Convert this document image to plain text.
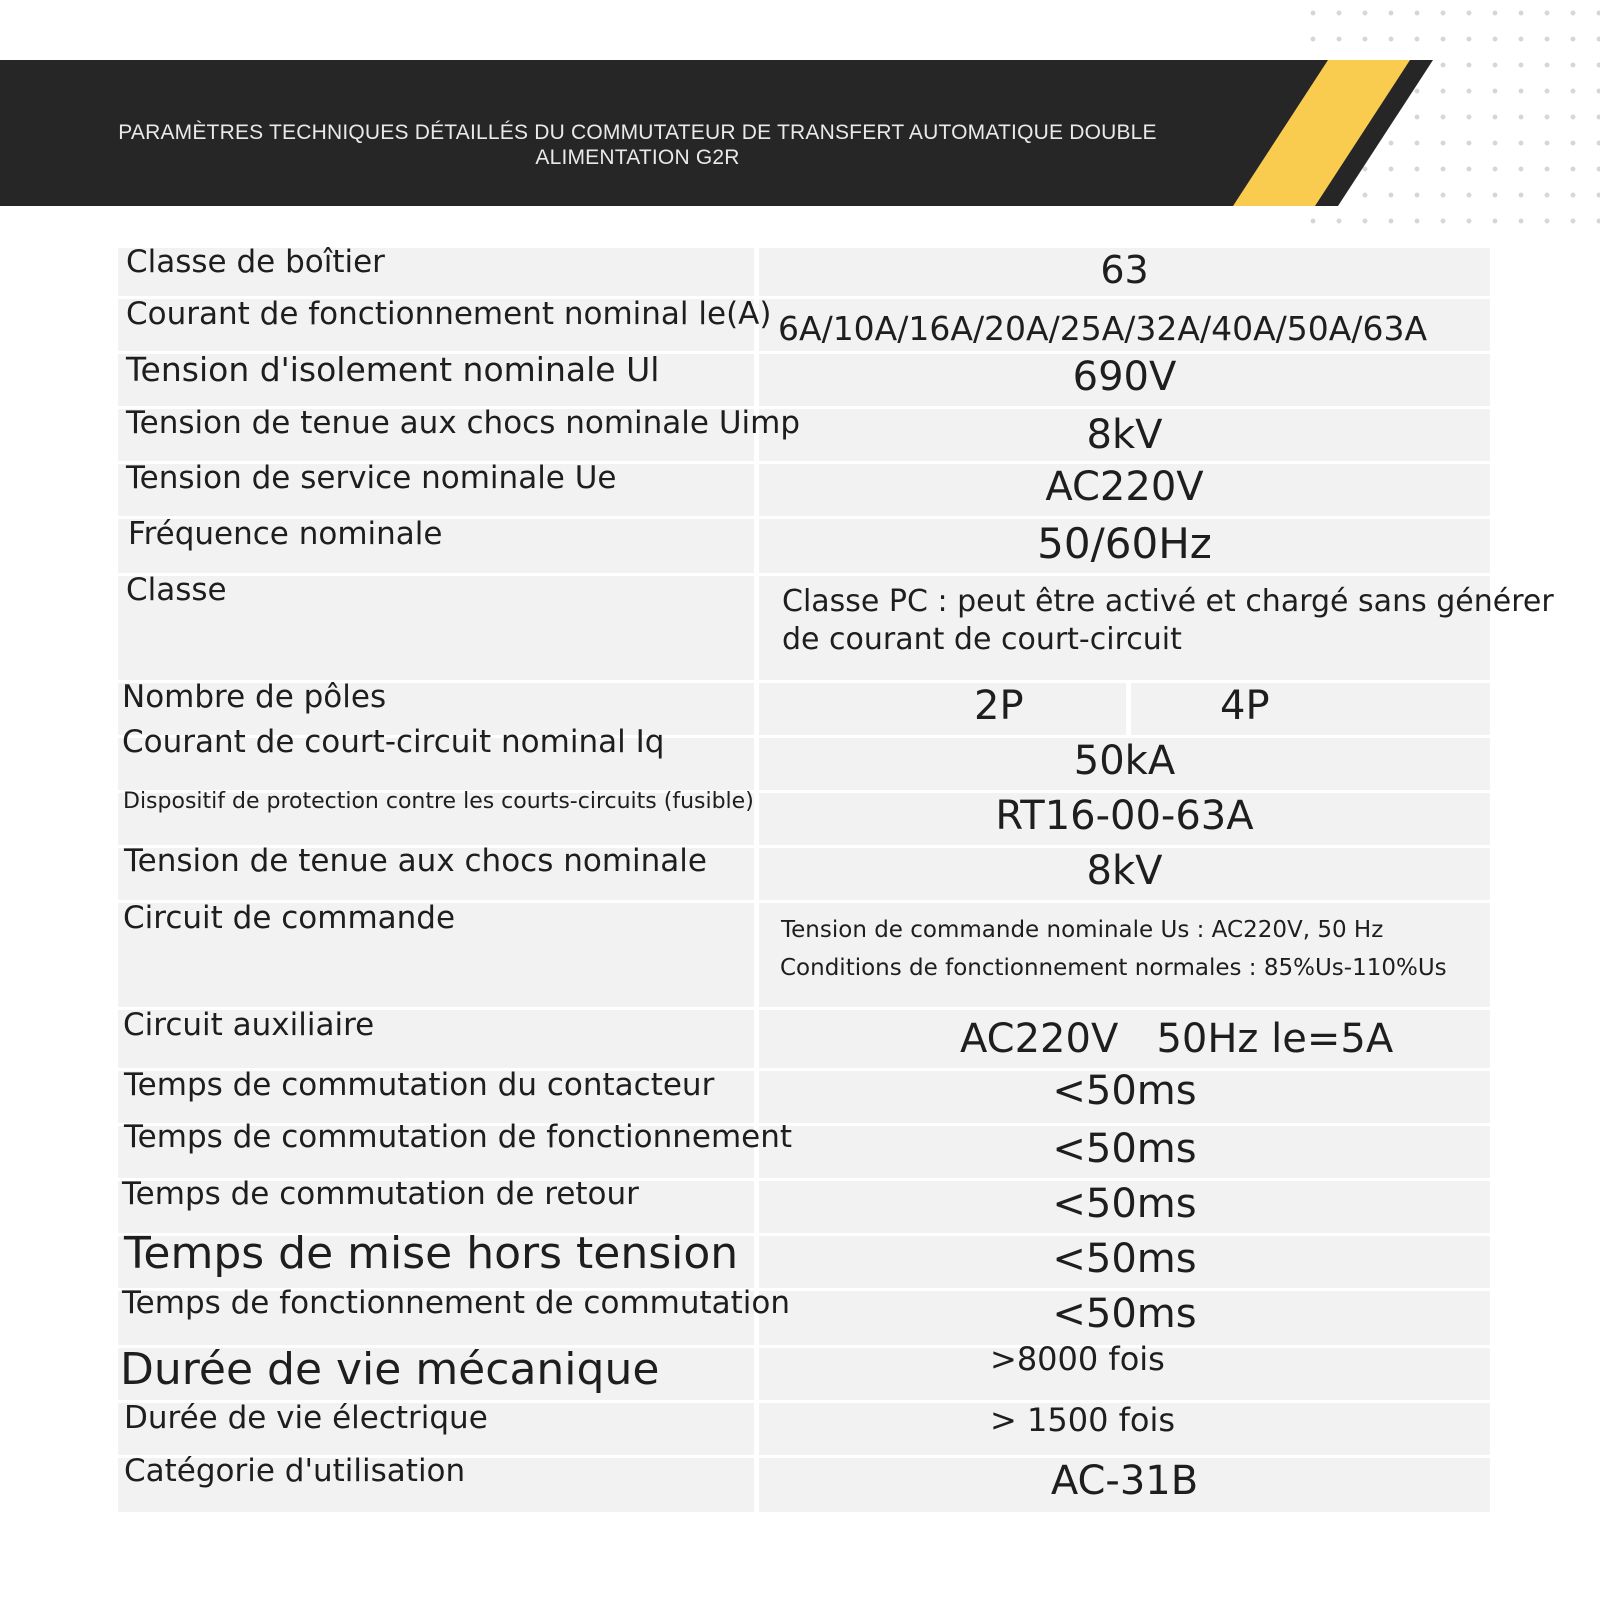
PARAMÈTRES TECHNIQUES DÉTAILLÉS DU COMMUTATEUR DE TRANSFERT AUTOMATIQUE DOUBLE ALIMENTATION G2R
Classe de boîtier	63
Courant de fonctionnement nominal le(A) 6A/10A/16A/20A/25A/32A/40A/50A/63A
Tension d'isolement nominale Ul	690V
Tension de tenue aux chocs nominale Uimp	8kV
Tension de service nominale Ue	AC220V
Fréquence nominale	50/60Hz
Classe	Classe PC : peut être activé et chargé sans générer
de courant de court-circuit
Nombre de pôles	2P	4P
Courant de court-circuit nominal Iq	50kA
Dispositif de protection contre les courts-circuits (fusible)	RT16-00-63A
Tension de tenue aux chocs nominale	8kV
Circuit de commande	Tension de commande nominale Us : AC220V, 50 Hz
Conditions de fonctionnement normales : 85%Us-110%Us
Circuit auxiliaire	AC220V   50Hz le=5A
Temps de commutation du contacteur	<50ms
Temps de commutation de fonctionnement	<50ms
Temps de commutation de retour	<50ms
Temps de mise hors tension	<50ms
Temps de fonctionnement de commutation	<50ms
Durée de vie mécanique	>8000 fois
Durée de vie électrique	> 1500 fois
Catégorie d'utilisation	AC-31B
